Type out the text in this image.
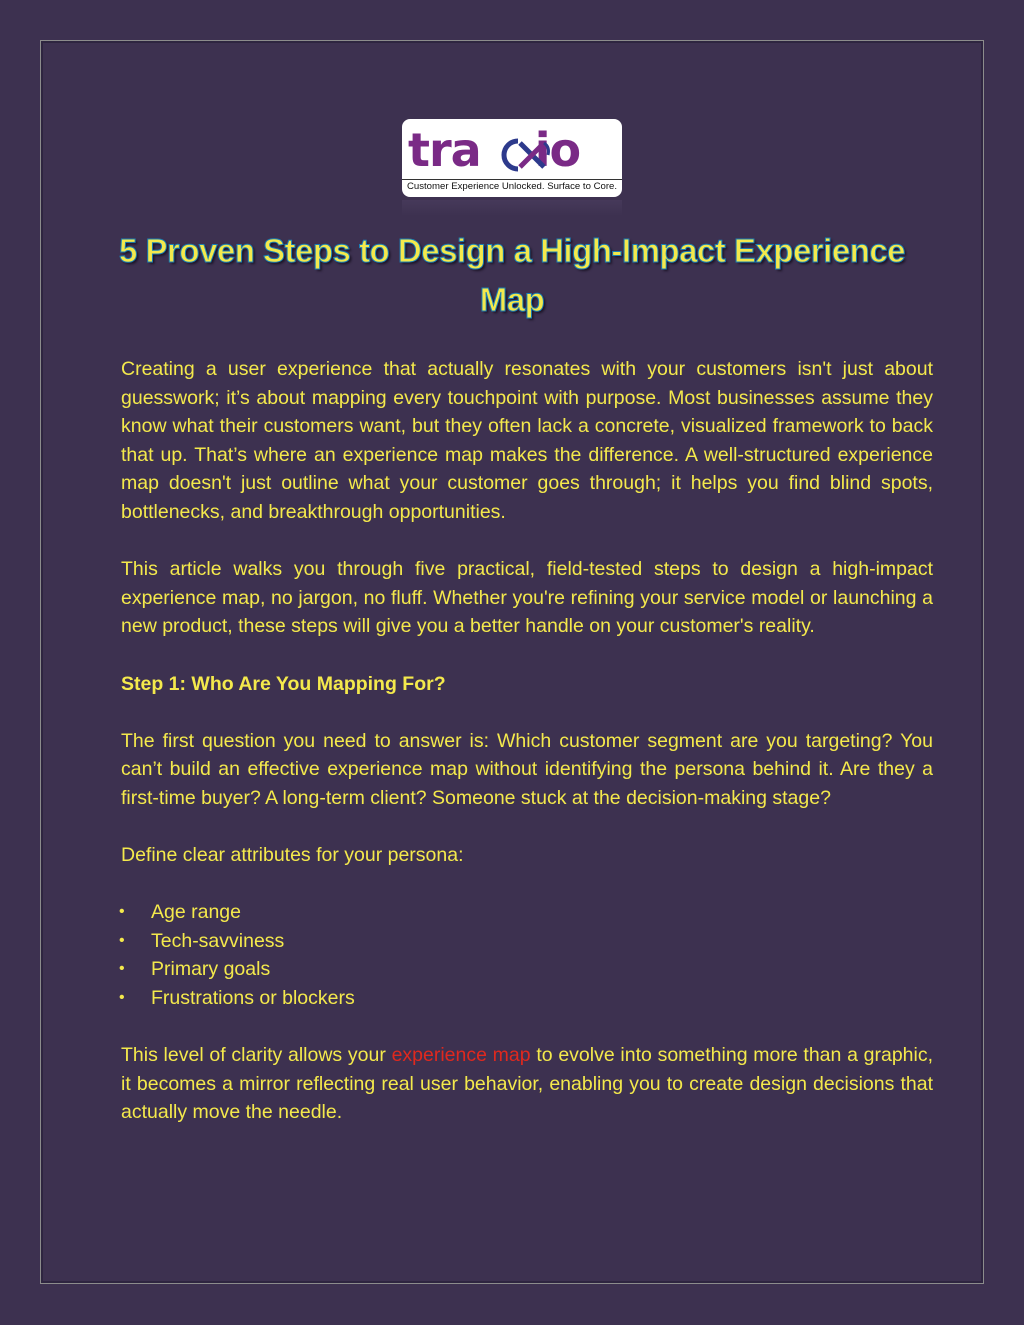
tra io
Customer Experience Unlocked. Surface to Core.
5 Proven Steps to Design a High-Impact Experience Map

Creating a user experience that actually resonates with your customers isn't just about guesswork; it’s about mapping every touchpoint with purpose. Most businesses assume they know what their customers want, but they often lack a concrete, visualized framework to back that up. That’s where an experience map makes the difference. A well-structured experience map doesn't just outline what your customer goes through; it helps you find blind spots, bottlenecks, and breakthrough opportunities.

This article walks you through five practical, field-tested steps to design a high-impact experience map, no jargon, no fluff. Whether you're refining your service model or launching a new product, these steps will give you a better handle on your customer's reality.

Step 1: Who Are You Mapping For?

The first question you need to answer is: Which customer segment are you targeting? You can’t build an effective experience map without identifying the persona behind it. Are they a first-time buyer? A long-term client? Someone stuck at the decision-making stage?

Define clear attributes for your persona:

• Age range
• Tech-savviness
• Primary goals
• Frustrations or blockers

This level of clarity allows your experience map to evolve into something more than a graphic, it becomes a mirror reflecting real user behavior, enabling you to create design decisions that actually move the needle.
